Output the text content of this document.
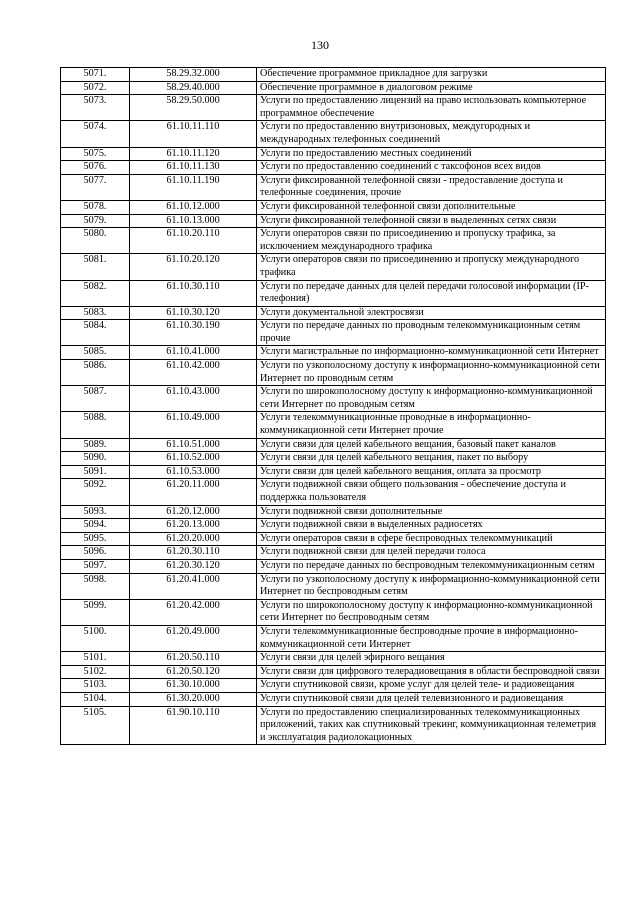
130
5071.	58.29.32.000	Обеспечение программное прикладное для загрузки
5072.	58.29.40.000	Обеспечение программное в диалоговом режиме
5073.	58.29.50.000	Услуги по предоставлению лицензий на право использовать компьютерное программное обеспечение
5074.	61.10.11.110	Услуги по предоставлению внутризоновых, междугородных и международных телефонных соединений
5075.	61.10.11.120	Услуги по предоставлению местных соединений
5076.	61.10.11.130	Услуги по предоставлению соединений с таксофонов всех видов
5077.	61.10.11.190	Услуги фиксированной телефонной связи - предоставление доступа и телефонные соединения, прочие
5078.	61.10.12.000	Услуги фиксированной телефонной связи дополнительные
5079.	61.10.13.000	Услуги фиксированной телефонной связи в выделенных сетях связи
5080.	61.10.20.110	Услуги операторов связи по присоединению и пропуску трафика, за исключением международного трафика
5081.	61.10.20.120	Услуги операторов связи по присоединению и пропуску международного трафика
5082.	61.10.30.110	Услуги по передаче данных для целей передачи голосовой информации (IP-телефония)
5083.	61.10.30.120	Услуги документальной электросвязи
5084.	61.10.30.190	Услуги по передаче данных по проводным телекоммуникационным сетям прочие
5085.	61.10.41.000	Услуги магистральные по информационно-коммуникационной сети Интернет
5086.	61.10.42.000	Услуги по узкополосному доступу к информационно-коммуникационной сети Интернет по проводным сетям
5087.	61.10.43.000	Услуги по широкополосному доступу к информационно-коммуникационной сети Интернет по проводным сетям
5088.	61.10.49.000	Услуги телекоммуникационные проводные в информационно-коммуникационной сети Интернет прочие
5089.	61.10.51.000	Услуги связи для целей кабельного вещания, базовый пакет каналов
5090.	61.10.52.000	Услуги связи для целей кабельного вещания, пакет по выбору
5091.	61.10.53.000	Услуги связи для целей кабельного вещания, оплата за просмотр
5092.	61.20.11.000	Услуги подвижной связи общего пользования - обеспечение доступа и поддержка пользователя
5093.	61.20.12.000	Услуги подвижной связи дополнительные
5094.	61.20.13.000	Услуги подвижной связи в выделенных радиосетях
5095.	61.20.20.000	Услуги операторов связи в сфере беспроводных телекоммуникаций
5096.	61.20.30.110	Услуги подвижной связи для целей передачи голоса
5097.	61.20.30.120	Услуги по передаче данных по беспроводным телекоммуникационным сетям
5098.	61.20.41.000	Услуги по узкополосному доступу к информационно-коммуникационной сети Интернет по беспроводным сетям
5099.	61.20.42.000	Услуги по широкополосному доступу к информационно-коммуникационной сети Интернет по беспроводным сетям
5100.	61.20.49.000	Услуги телекоммуникационные беспроводные прочие в информационно-коммуникационной сети Интернет
5101.	61.20.50.110	Услуги связи для целей эфирного вещания
5102.	61.20.50.120	Услуги связи для цифрового телерадиовещания в области беспроводной связи
5103.	61.30.10.000	Услуги спутниковой связи, кроме услуг для целей теле- и радиовещания
5104.	61.30.20.000	Услуги спутниковой связи для целей телевизионного и радиовещания
5105.	61.90.10.110	Услуги по предоставлению специализированных телекоммуникационных приложений, таких как спутниковый трекинг, коммуникационная телеметрия и эксплуатация радиолокационных
